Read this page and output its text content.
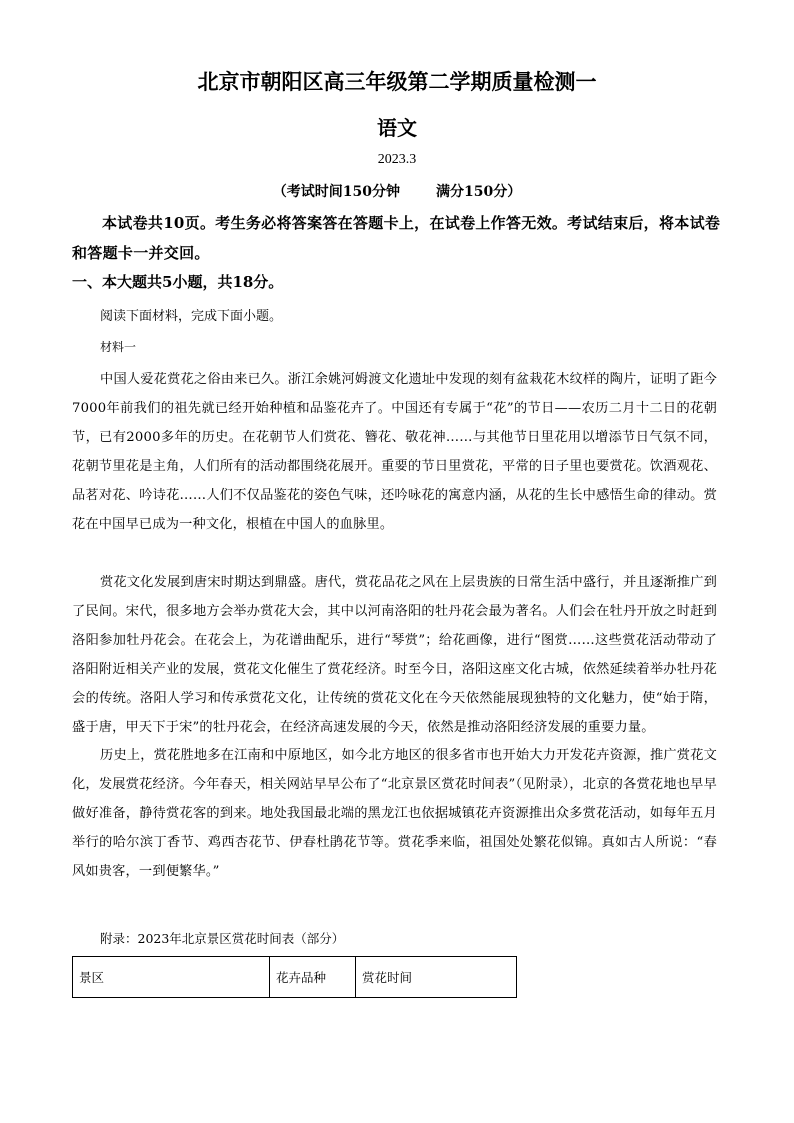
北京市朝阳区高三年级第二学期质量检测一
语文
2023.3
（考试时间150分钟	满分150分）
本试卷共10页。考生务必将答案答在答题卡上，在试卷上作答无效。考试结束后，将本试卷和答题卡一并交回。
一、本大题共5小题，共18分。
阅读下面材料，完成下面小题。
材料一
中国人爱花赏花之俗由来已久。浙江余姚河姆渡文化遗址中发现的刻有盆栽花木纹样的陶片，证明了距今7000年前我们的祖先就已经开始种植和品鉴花卉了。中国还有专属于“花”的节日——农历二月十二日的花朝节，已有2000多年的历史。在花朝节人们赏花、簪花、敬花神……与其他节日里花用以增添节日气氛不同，花朝节里花是主角，人们所有的活动都围绕花展开。重要的节日里赏花，平常的日子里也要赏花。饮酒观花、品茗对花、吟诗花……人们不仅品鉴花的姿色气味，还吟咏花的寓意内涵，从花的生长中感悟生命的律动。赏花在中国早已成为一种文化，根植在中国人的血脉里。
赏花文化发展到唐宋时期达到鼎盛。唐代，赏花品花之风在上层贵族的日常生活中盛行，并且逐渐推广到了民间。宋代，很多地方会举办赏花大会，其中以河南洛阳的牡丹花会最为著名。人们会在牡丹开放之时赶到洛阳参加牡丹花会。在花会上，为花谱曲配乐，进行“琴赏”；给花画像，进行“图赏……这些赏花活动带动了洛阳附近相关产业的发展，赏花文化催生了赏花经济。时至今日，洛阳这座文化古城，依然延续着举办牡丹花会的传统。洛阳人学习和传承赏花文化，让传统的赏花文化在今天依然能展现独特的文化魅力，使“始于隋，盛于唐，甲天下于宋”的牡丹花会，在经济高速发展的今天，依然是推动洛阳经济发展的重要力量。
历史上，赏花胜地多在江南和中原地区，如今北方地区的很多省市也开始大力开发花卉资源，推广赏花文化，发展赏花经济。今年春天，相关网站早早公布了“北京景区赏花时间表”（见附录），北京的各赏花地也早早做好准备，静待赏花客的到来。地处我国最北端的黑龙江也依据城镇花卉资源推出众多赏花活动，如每年五月举行的哈尔滨丁香节、鸡西杏花节、伊春杜鹃花节等。赏花季来临，祖国处处繁花似锦。真如古人所说：“春风如贵客，一到便繁华。”
附录：2023年北京景区赏花时间表（部分）
景区	花卉品种	赏花时间
